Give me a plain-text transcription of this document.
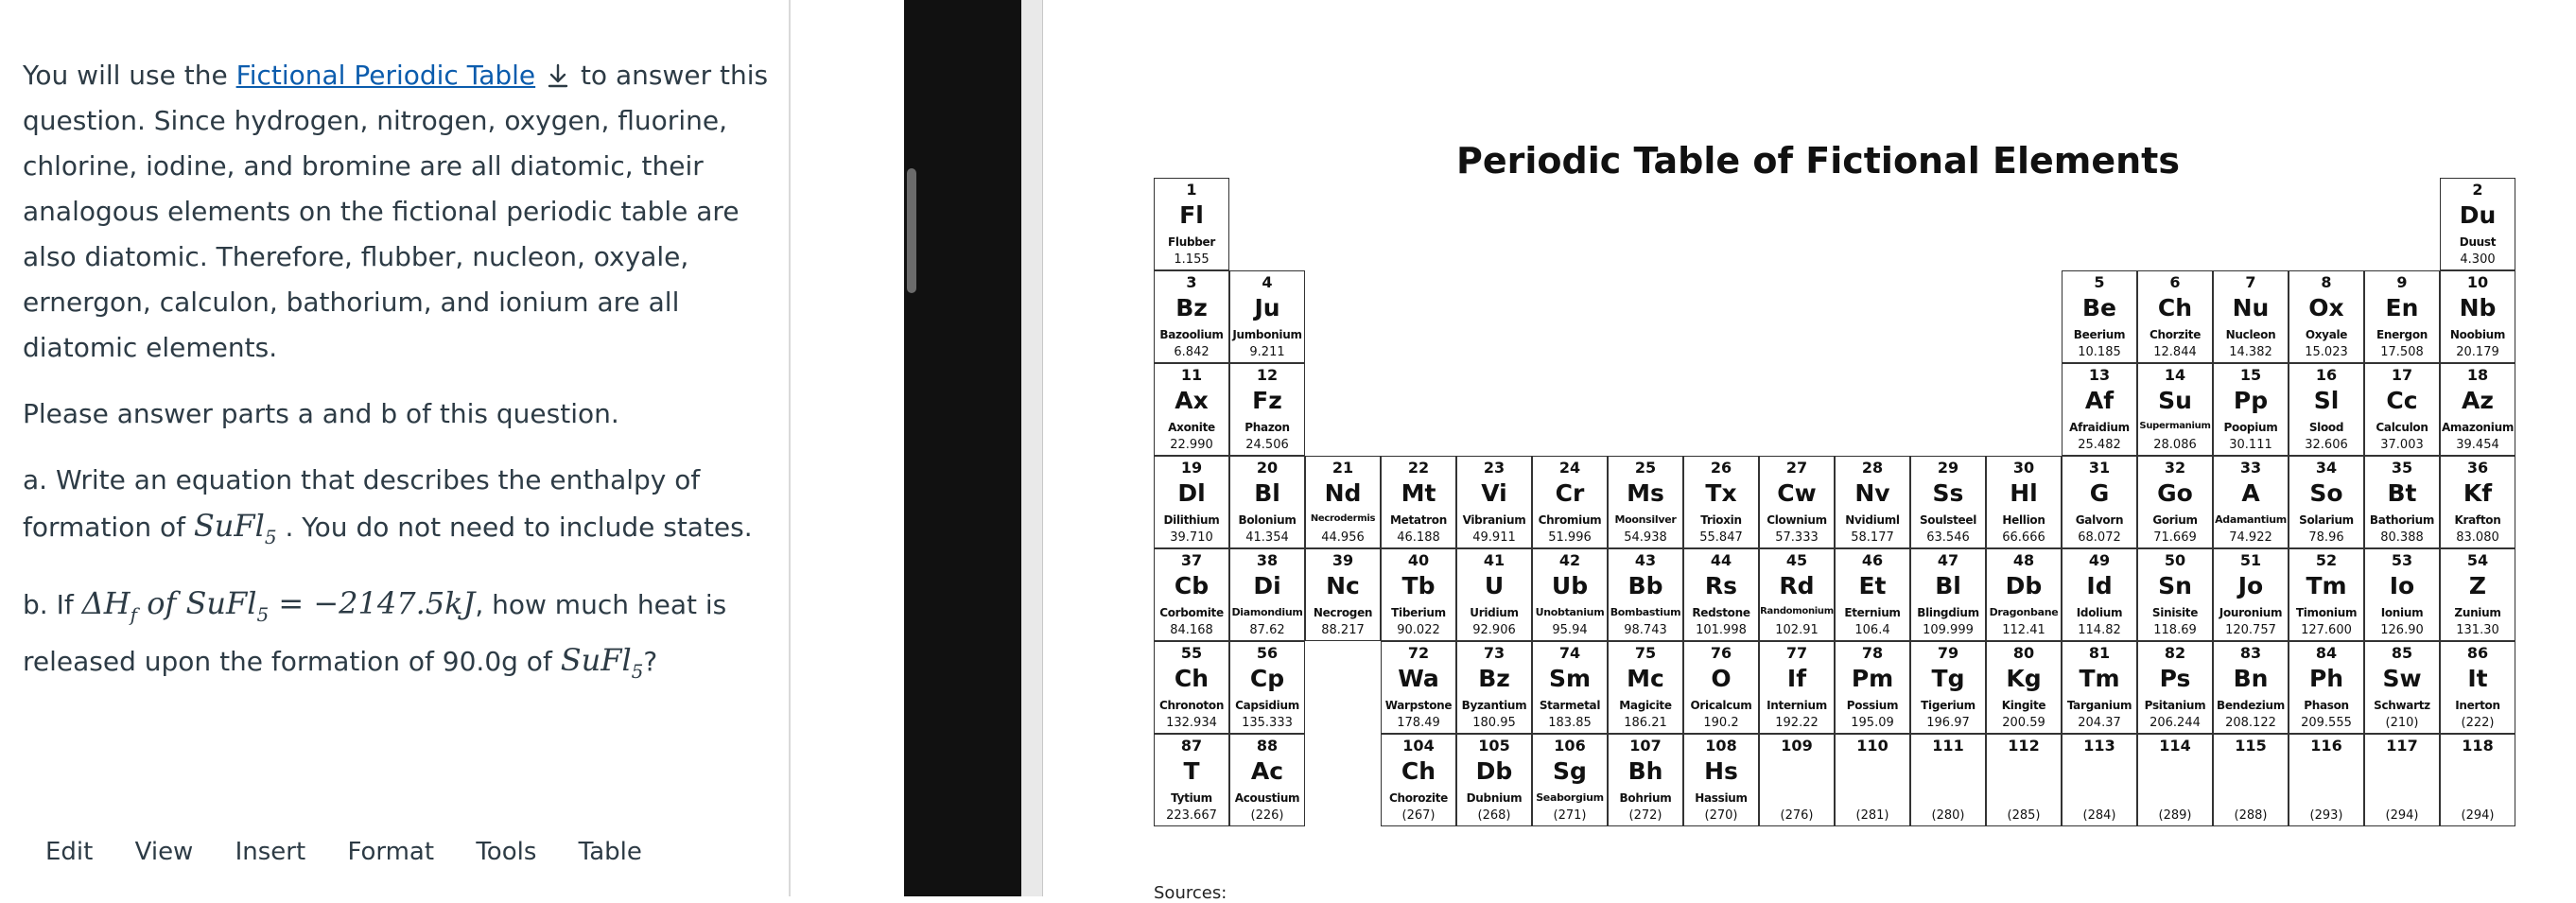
You will use the Fictional Periodic Table  to answer this question. Since hydrogen, nitrogen, oxygen, fluorine, chlorine, iodine, and bromine are all diatomic, their analogous elements on the fictional periodic table are also diatomic. Therefore, flubber, nucleon, oxyale, ernergon, calculon, bathorium, and ionium are all diatomic elements.

Please answer parts a and b of this question.

a. Write an equation that describes the enthalpy of formation of SuFl$_5$ . You do not need to include states.

b. If $\Delta H_f$ of SuFl$_5$ = −2147.5kJ, how much heat is released upon the formation of 90.0g of SuFl$_5$?

Edit View Insert Format Tools Table
Periodic Table of Fictional Elements
1
Fl
Flubber
1.155
2
Du
Duust
4.300
3
Bz
Bazoolium
6.842
4
Ju
Jumbonium
9.211
5
Be
Beerium
10.185
6
Ch
Chorzite
12.844
7
Nu
Nucleon
14.382
8
Ox
Oxyale
15.023
9
En
Energon
17.508
10
Nb
Noobium
20.179
11
Ax
Axonite
22.990
12
Fz
Phazon
24.506
13
Af
Afraidium
25.482
14
Su
Supermanium
28.086
15
Pp
Poopium
30.111
16
Sl
Slood
32.606
17
Cc
Calculon
37.003
18
Az
Amazonium
39.454
19
Dl
Dilithium
39.710
20
Bl
Bolonium
41.354
21
Nd
Necrodermis
44.956
22
Mt
Metatron
46.188
23
Vi
Vibranium
49.911
24
Cr
Chromium
51.996
25
Ms
Moonsilver
54.938
26
Tx
Trioxin
55.847
27
Cw
Clownium
57.333
28
Nv
Nvidiuml
58.177
29
Ss
Soulsteel
63.546
30
Hl
Hellion
66.666
31
G
Galvorn
68.072
32
Go
Gorium
71.669
33
A
Adamantium
74.922
34
So
Solarium
78.96
35
Bt
Bathorium
80.388
36
Kf
Krafton
83.080
37
Cb
Corbomite
84.168
38
Di
Diamondium
87.62
39
Nc
Necrogen
88.217
40
Tb
Tiberium
90.022
41
U
Uridium
92.906
42
Ub
Unobtanium
95.94
43
Bb
Bombastium
98.743
44
Rs
Redstone
101.998
45
Rd
Randomonium
102.91
46
Et
Eternium
106.4
47
Bl
Blingdium
109.999
48
Db
Dragonbane
112.41
49
Id
Idolium
114.82
50
Sn
Sinisite
118.69
51
Jo
Jouronium
120.757
52
Tm
Timonium
127.600
53
Io
Ionium
126.90
54
Z
Zunium
131.30
55
Ch
Chronoton
132.934
56
Cp
Capsidium
135.333
72
Wa
Warpstone
178.49
73
Bz
Byzantium
180.95
74
Sm
Starmetal
183.85
75
Mc
Magicite
186.21
76
O
Oricalcum
190.2
77
If
Internium
192.22
78
Pm
Possium
195.09
79
Tg
Tigerium
196.97
80
Kg
Kingite
200.59
81
Tm
Targanium
204.37
82
Ps
Psitanium
206.244
83
Bn
Bendezium
208.122
84
Ph
Phason
209.555
85
Sw
Schwartz
(210)
86
It
Inerton
(222)
87
T
Tytium
223.667
88
Ac
Acoustium
(226)
104
Ch
Chorozite
(267)
105
Db
Dubnium
(268)
106
Sg
Seaborgium
(271)
107
Bh
Bohrium
(272)
108
Hs
Hassium
(270)
109
(276)
110
(281)
111
(280)
112
(285)
113
(284)
114
(289)
115
(288)
116
(293)
117
(294)
118
(294)
Sources:
